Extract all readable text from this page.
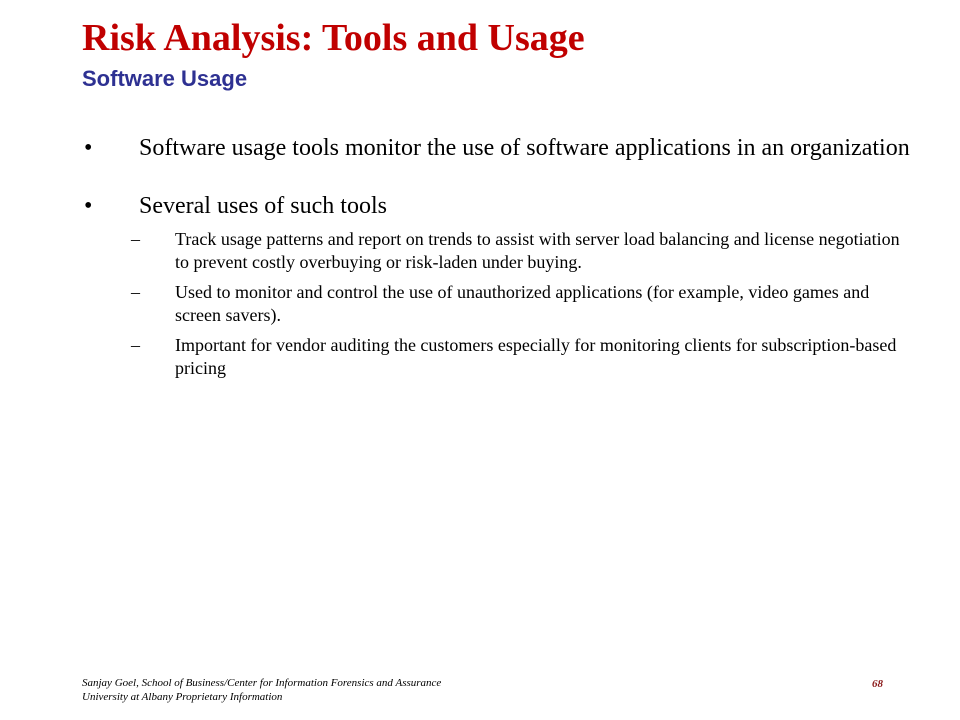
Risk Analysis: Tools and Usage
Software Usage
• Software usage tools monitor the use of software applications in an organization
• Several uses of such tools
– Track usage patterns and report on trends to assist with server load balancing and license negotiation to prevent costly overbuying or risk-laden under buying.
– Used to monitor and control the use of unauthorized applications (for example, video games and screen savers).
– Important for vendor auditing the customers especially for monitoring clients for subscription-based pricing
Sanjay Goel, School of Business/Center for Information Forensics and Assurance
University at Albany Proprietary Information
68
